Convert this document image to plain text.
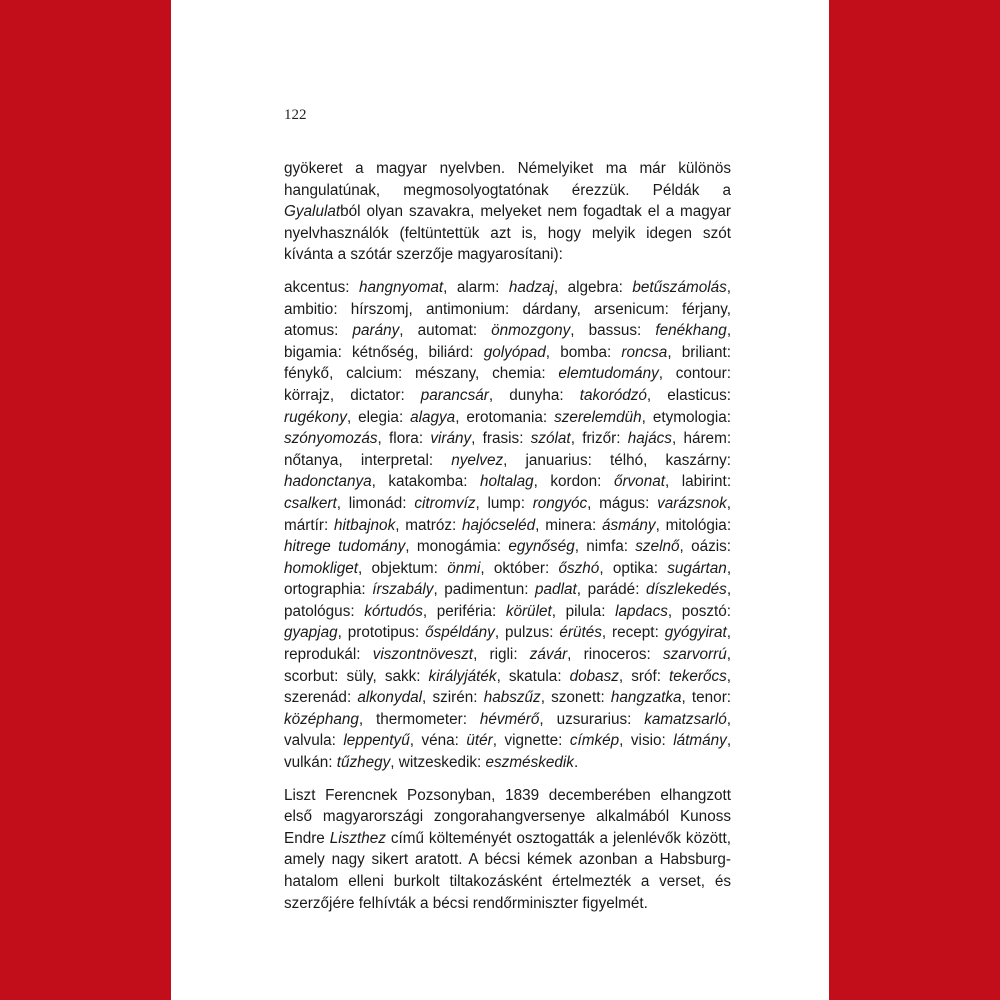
122

gyökeret a magyar nyelvben. Némelyiket ma már különös hangulatúnak, megmosolyogtatónak érezzük. Példák a Gyalulatból olyan szavakra, melyeket nem fogadtak el a magyar nyelvhasználók (feltüntettük azt is, hogy melyik idegen szót kívánta a szótár szerzője magyarosítani):

akcentus: hangnyomat, alarm: hadzaj, algebra: betűszámolás, ambitio: hírszomj, antimonium: dárdany, arsenicum: férjany, atomus: parány, automat: önmozgony, bassus: fenékhang, bigamia: kétnőség, biliárd: golyópad, bomba: roncsa, briliant: fénykő, calcium: mészany, chemia: elemtudomány, contour: körrajz, dictator: parancsár, dunyha: takoródzó, elasticus: rugékony, elegia: alagya, erotomania: szerelemdüh, etymologia: szónyomozás, flora: virány, frasis: szólat, frizőr: hajács, hárem: nőtanya, interpretal: nyelvez, januarius: télhó, kaszárny: hadonctanya, katakomba: holtalag, kordon: őrvonat, labirint: csalkert, limonád: citromvíz, lump: rongyóc, mágus: varázsnok, mártír: hitbajnok, matróz: hajócseléd, minera: ásmány, mitológia: hitrege tudomány, monogámia: egynőség, nimfa: szelnő, oázis: homokliget, objektum: önmi, október: őszhó, optika: sugártan, ortographia: írszabály, padimentun: padlat, parádé: díszlekedés, patológus: kórtudós, periféria: körület, pilula: lapdacs, posztó: gyapjag, prototipus: őspéldány, pulzus: érütés, recept: gyógyirat, reprodukál: viszontnöveszt, rigli: závár, rinoceros: szarvorrú, scorbut: süly, sakk: királyjáték, skatula: dobasz, sróf: tekerőcs, szerenád: alkonydal, szirén: habszűz, szonett: hangzatka, tenor: középhang, thermometer: hévmérő, uzsurarius: kamatzsarló, valvula: leppentyű, véna: ütér, vignette: címkép, visio: látmány, vulkán: tűzhegy, witzeskedik: eszméskedik.

Liszt Ferencnek Pozsonyban, 1839 decemberében elhangzott első magyarországi zongorahangversenye alkalmából Kunoss Endre Liszthez című költeményét osztogatták a jelenlévők között, amely nagy sikert aratott. A bécsi kémek azonban a Habsburg-hatalom elleni burkolt tiltakozásként értelmezték a verset, és szerzőjére felhívták a bécsi rendőrminiszter figyelmét.
